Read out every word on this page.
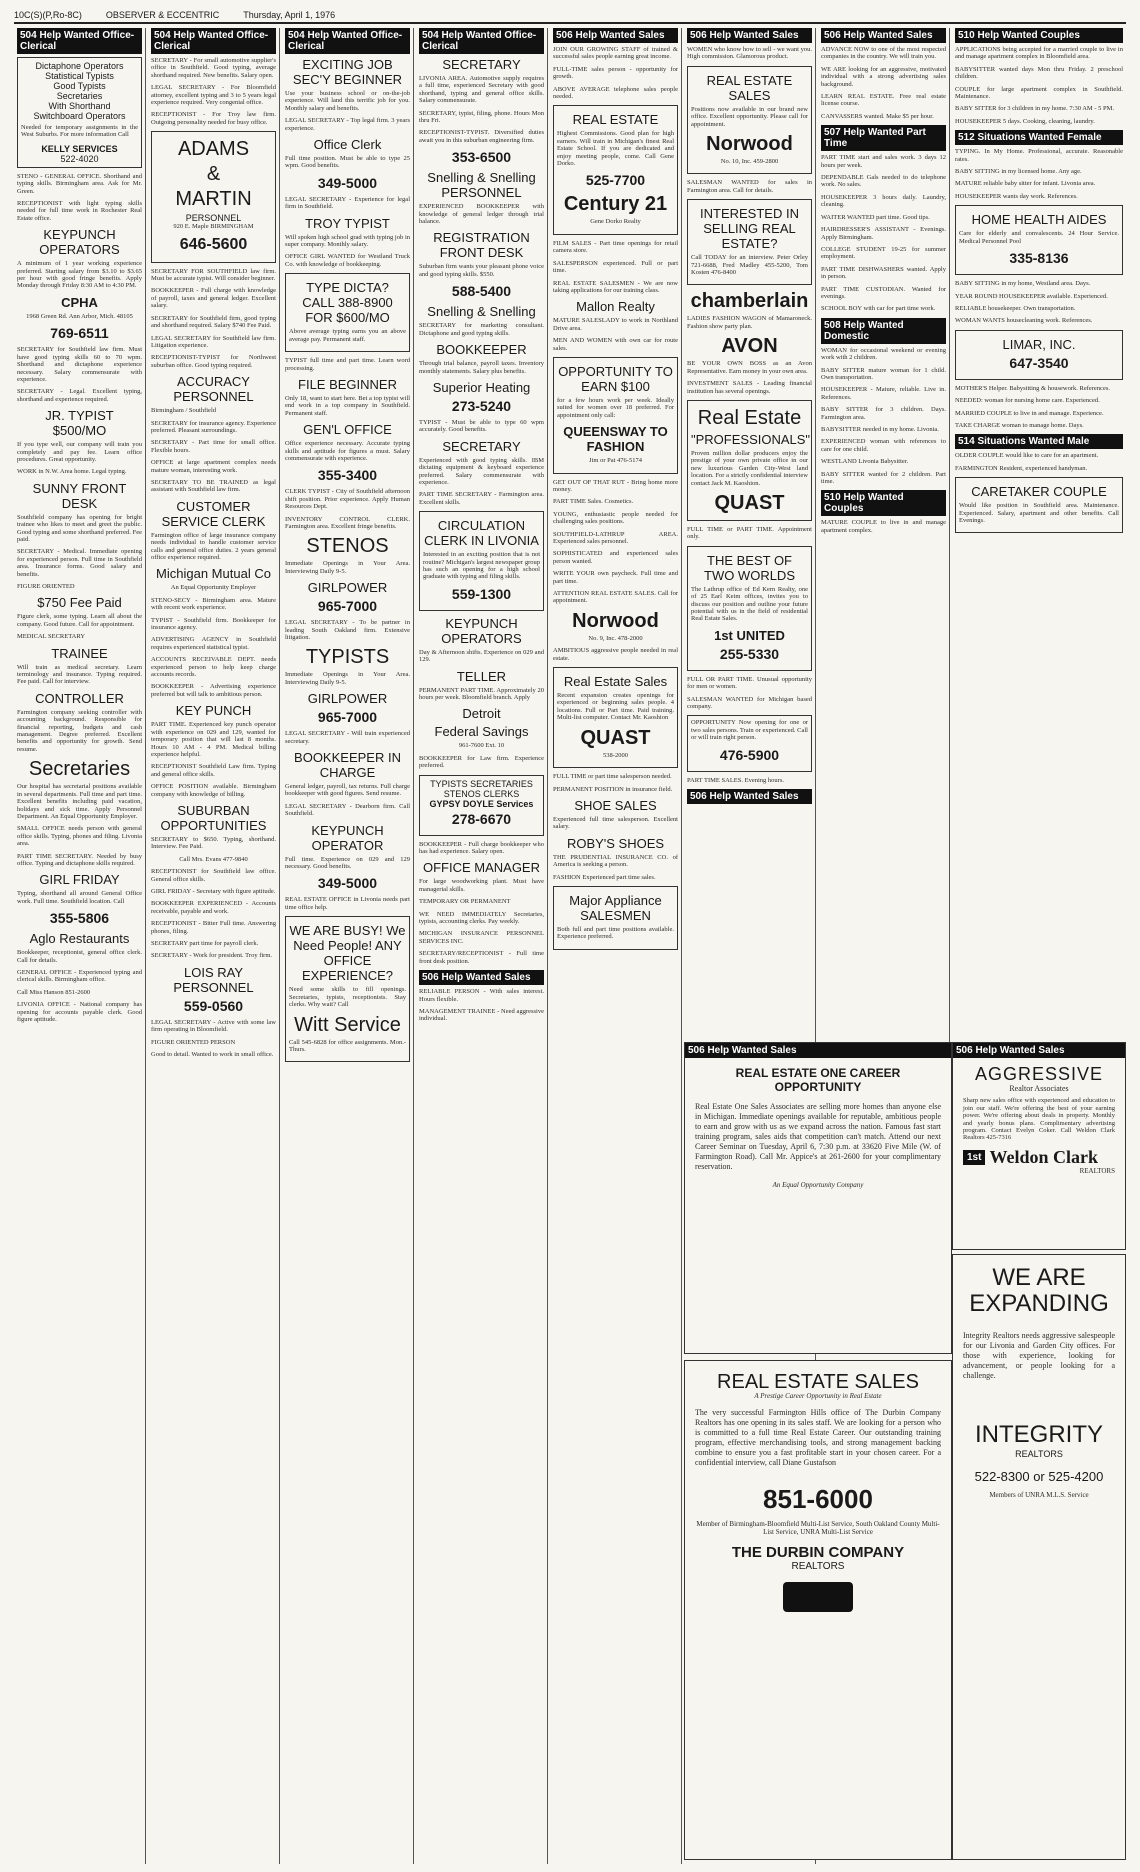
10C(S)(P,Ro-8C)	OBSERVER & ECCENTRIC	Thursday, April 1, 1976
504 Help Wanted Office-Clerical
Dictaphone Operators
Statistical Typists
Good Typists
Secretaries
With Shorthand
Switchboard Operators
Needed for temporary assignments in the West Suburbs. For more information Call
KELLY SERVICES
522-4020
STENO - GENERAL OFFICE. Shorthand and typing skills. Birmingham area. Ask for Mr. Green.
RECEPTIONIST with light typing skills needed for full time work in Rochester Real Estate office.
KEYPUNCH OPERATORS
A minimum of 1 year working experience preferred. Starting salary from $3.10 to $3.65 per hour with good fringe benefits. Apply Monday through Friday 8:30 AM to 4:30 PM.
CPHA
1968 Green Rd. Ann Arbor, Mich. 48105
769-6511
SECRETARY for Southfield law firm. Must have good typing skills 60 to 70 wpm. Shorthand and dictaphone experience necessary. Salary commensurate with experience.
SECRETARY - Legal. Excellent typing, shorthand and experience required.
JR. TYPIST $500/MO
If you type well, our company will train you completely and pay fee. Learn office procedures. Great opportunity.
WORK in N.W. Area home. Legal typing.
SUNNY FRONT DESK
Southfield company has opening for bright trainee who likes to meet and greet the public. Good typing and some shorthand preferred. Fee paid.
SECRETARY - Medical. Immediate opening for experienced person. Full time in Southfield area. Insurance forms. Good salary and benefits.
FIGURE ORIENTED
$750 Fee Paid
Figure clerk, some typing. Learn all about the company. Good future. Call for appointment.
MEDICAL SECRETARY
TRAINEE
Will train as medical secretary. Learn terminology and insurance. Typing required. Fee paid. Call for interview.
CONTROLLER
Farmington company seeking controller with accounting background. Responsible for financial reporting, budgets and cash management. Degree preferred. Excellent benefits and opportunity for growth. Send resume.
Secretaries
Our hospital has secretarial positions available in several departments. Full time and part time. Excellent benefits including paid vacation, holidays and sick time. Apply Personnel Department. An Equal Opportunity Employer.
SMALL OFFICE needs person with general office skills. Typing, phones and filing. Livonia area.
PART TIME SECRETARY. Needed by busy office. Typing and dictaphone skills required.
GIRL FRIDAY
Typing, shorthand all around General Office work. Full time. Southfield location. Call
355-5806
Aglo Restaurants
Bookkeeper, receptionist, general office clerk. Call for details.
GENERAL OFFICE - Experienced typing and clerical skills. Birmingham office.
Call Miss Hanson 851-2600
LIVONIA OFFICE - National company has opening for accounts payable clerk. Good figure aptitude.
504 Help Wanted Office-Clerical
SECRETARY - For small automotive supplier's office in Southfield. Good typing, average shorthand required. New benefits. Salary open.
LEGAL SECRETARY - For Bloomfield attorney, excellent typing and 3 to 5 years legal experience required. Very congenial office.
RECEPTIONIST - For Troy law firm. Outgoing personality needed for busy office.
ADAMS
&
MARTIN
PERSONNEL
920 E. Maple BIRMINGHAM
646-5600
SECRETARY FOR SOUTHFIELD law firm. Must be accurate typist. Will consider beginner.
BOOKKEEPER - Full charge with knowledge of payroll, taxes and general ledger. Excellent salary.
SECRETARY for Southfield firm, good typing and shorthand required. Salary $740 Fee Paid.
LEGAL SECRETARY for Southfield law firm. Litigation experience.
RECEPTIONIST-TYPIST for Northwest suburban office. Good typing required.
ACCURACY PERSONNEL
Birmingham / Southfield
SECRETARY for insurance agency. Experience preferred. Pleasant surroundings.
SECRETARY - Part time for small office. Flexible hours.
OFFICE at large apartment complex needs mature woman, interesting work.
SECRETARY TO BE TRAINED as legal assistant with Southfield law firm.
CUSTOMER SERVICE CLERK
Farmington office of large insurance company needs individual to handle customer service calls and general office duties. 2 years general office experience required.
Michigan Mutual Co
An Equal Opportunity Employer
STENO-SECY - Birmingham area. Mature with recent work experience.
TYPIST - Southfield firm. Bookkeeper for insurance agency.
ADVERTISING AGENCY in Southfield requires experienced statistical typist.
ACCOUNTS RECEIVABLE DEPT. needs experienced person to help keep charge accounts records.
BOOKKEEPER - Advertising experience preferred but will talk to ambitious person.
KEY PUNCH
PART TIME. Experienced key punch operator with experience on 029 and 129, wanted for temporary position that will last 8 months. Hours 10 AM - 4 PM. Medical billing experience helpful.
RECEPTIONIST Southfield Law firm. Typing and general office skills.
OFFICE POSITION available. Birmingham company with knowledge of billing.
SUBURBAN OPPORTUNITIES
SECRETARY to $650. Typing, shorthand. Interview. Fee Paid.
Call Mrs. Evans 477-9840
RECEPTIONIST for Southfield law office. General office skills.
GIRL FRIDAY - Secretary with figure aptitude.
BOOKKEEPER EXPERIENCED - Accounts receivable, payable and work.
RECEPTIONIST - Bitter Full time. Answering phones, filing.
SECRETARY part time for payroll clerk.
SECRETARY - Work for president. Troy firm.
LOIS RAY PERSONNEL
559-0560
LEGAL SECRETARY - Active with some law firm operating in Bloomfield.
FIGURE ORIENTED PERSON
Good to detail. Wanted to work in small office.
504 Help Wanted Office-Clerical
EXCITING JOB SEC'Y BEGINNER
Use your business school or on-the-job experience. Will land this terrific job for you. Monthly salary and benefits.
LEGAL SECRETARY - Top legal firm. 3 years experience.
Office Clerk
Full time position. Must be able to type 25 wpm. Good benefits.
349-5000
LEGAL SECRETARY - Experience for legal firm in Southfield.
TROY TYPIST
Will spoken high school grad with typing job in super company. Monthly salary.
OFFICE GIRL WANTED for Westland Truck Co. with knowledge of bookkeeping.
TYPE DICTA? CALL 388-8900 FOR $600/MO
Above average typing earns you an above average pay. Permanent staff.
TYPIST full time and part time. Learn word processing.
FILE BEGINNER
Only 18, want to start here. Bet a top typist will end work in a top company in Southfield. Permanent staff.
GEN'L OFFICE
Office experience necessary. Accurate typing skills and aptitude for figures a must. Salary commensurate with experience.
355-3400
CLERK TYPIST - City of Southfield afternoon shift position. Prior experience. Apply Human Resources Dept.
INVENTORY CONTROL CLERK. Farmington area. Excellent fringe benefits.
STENOS
Immediate Openings in Your Area. Interviewing Daily 9-5.
GIRLPOWER
965-7000
LEGAL SECRETARY - To be partner in leading South Oakland firm. Extensive litigation.
TYPISTS
Immediate Openings in Your Area. Interviewing Daily 9-5.
GIRLPOWER
965-7000
LEGAL SECRETARY - Will train experienced secretary.
BOOKKEEPER IN CHARGE
General ledger, payroll, tax returns. Full charge bookkeeper with good figures. Send resume.
LEGAL SECRETARY - Dearborn firm. Call Southfield.
KEYPUNCH OPERATOR
Full time. Experience on 029 and 129 necessary. Good benefits.
349-5000
REAL ESTATE OFFICE in Livonia needs part time office help.
WE ARE BUSY! We Need People! ANY OFFICE EXPERIENCE?
Need some skills to fill openings. Secretaries, typists, receptionists. Stay clerks. Why wait? Call
Witt Service
Call 545-6828 for office assignments. Mon.-Thurs.
504 Help Wanted Office-Clerical
SECRETARY
LIVONIA AREA. Automotive supply requires a full time, experienced Secretary with good shorthand, typing and general office skills. Salary commensurate.
SECRETARY, typist, filing, phone. Hours Mon thru Fri.
RECEPTIONIST-TYPIST. Diversified duties await you in this suburban engineering firm.
353-6500
Snelling & Snelling PERSONNEL
EXPERIENCED BOOKKEEPER with knowledge of general ledger through trial balance.
REGISTRATION FRONT DESK
Suburban firm wants your pleasant phone voice and good typing skills. $550.
588-5400
Snelling & Snelling
SECRETARY for marketing consultant. Dictaphone and good typing skills.
BOOKKEEPER
Through trial balance, payroll taxes. Inventory monthly statements. Salary plus benefits.
Superior Heating
273-5240
TYPIST - Must be able to type 60 wpm accurately. Good benefits.
SECRETARY
Experienced with good typing skills. IBM dictating equipment & keyboard experience preferred. Salary commensurate with experience.
PART TIME SECRETARY - Farmington area. Excellent skills.
CIRCULATION CLERK IN LIVONIA
Interested in an exciting position that is not routine? Michigan's largest newspaper group has such an opening for a high school graduate with typing and filing skills.
559-1300
KEYPUNCH OPERATORS
Day & Afternoon shifts. Experience on 029 and 129.
TELLER
PERMANENT PART TIME. Approximately 20 hours per week. Bloomfield branch. Apply
Detroit
Federal Savings
961-7600 Ext. 10
BOOKKEEPER for Law firm. Experience preferred.
TYPISTS SECRETARIES STENOS CLERKS
GYPSY DOYLE Services
278-6670
BOOKKEEPER - Full charge bookkeeper who has had experience. Salary open.
OFFICE MANAGER
For large woodworking plant. Must have managerial skills.
TEMPORARY OR PERMANENT
WE NEED IMMEDIATELY Secretaries, typists, accounting clerks. Pay weekly.
MICHIGAN INSURANCE PERSONNEL SERVICES INC.
SECRETARY/RECEPTIONIST - Full time front desk position.
506 Help Wanted Sales
RELIABLE PERSON - With sales interest. Hours flexible.
MANAGEMENT TRAINEE - Need aggressive individual.
506 Help Wanted Sales
JOIN OUR GROWING STAFF of trained & successful sales people earning great income.
FULL-TIME sales person - opportunity for growth.
ABOVE AVERAGE telephone sales people needed.
REAL ESTATE
Highest Commissions. Good plan for high earners. Will train in Michigan's finest Real Estate School. If you are dedicated and enjoy meeting people, come. Call Gene Dorko.
525-7700
Century 21
Gene Dorko Realty
FILM SALES - Part time openings for retail camera store.
SALESPERSON experienced. Full or part time.
REAL ESTATE SALESMEN - We are now taking applications for our training class.
Mallon Realty
MATURE SALESLADY to work in Northland Drive area.
MEN AND WOMEN with own car for route sales.
OPPORTUNITY TO EARN $100
for a few hours work per week. Ideally suited for women over 18 preferred. For appointment only call:
QUEENSWAY TO FASHION
Jim or Pat 476-5174
GET OUT OF THAT RUT - Bring home more money.
PART TIME Sales. Cosmetics.
YOUNG, enthusiastic people needed for challenging sales positions.
SOUTHFIELD-LATHRUP AREA. Experienced sales personnel.
SOPHISTICATED and experienced sales person wanted.
WRITE YOUR own paycheck. Full time and part time.
ATTENTION REAL ESTATE SALES. Call for appointment.
Norwood
No. 9, Inc. 478-2000
AMBITIOUS aggressive people needed in real estate.
Real Estate Sales
Recent expansion creates openings for experienced or beginning sales people. 4 locations. Full or Part time. Paid training. Multi-list computer. Contact Mr. Kaoshion
QUAST
538-2000
FULL TIME or part time salesperson needed.
PERMANENT POSITION in insurance field.
SHOE SALES
Experienced full time salesperson. Excellent salary.
ROBY'S SHOES
THE PRUDENTIAL INSURANCE CO. of America is seeking a person.
FASHION Experienced part time sales.
Major Appliance SALESMEN
Both full and part time positions available. Experience preferred.
506 Help Wanted Sales
WOMEN who know how to sell - we want you. High commission. Glamorous product.
REAL ESTATE SALES
Positions now available in our brand new office. Excellent opportunity. Please call for appointment.
Norwood
No. 10, Inc. 459-2800
SALESMAN WANTED for sales in Farmington area. Call for details.
INTERESTED IN SELLING REAL ESTATE?
Call TODAY for an interview. Peter Orley 721-6688, Fred Madley 455-5200, Tom Kosten 476-8400
chamberlain
LADIES FASHION WAGON of Mamaroneck. Fashion show party plan.
AVON
BE YOUR OWN BOSS as an Avon Representative. Earn money in your own area.
INVESTMENT SALES - Leading financial institution has several openings.
Real Estate
"PROFESSIONALS"
Proven million dollar producers enjoy the prestige of your own private office in our new luxurious Garden City-West land location. For a strictly confidential interview contact Jack M. Kaoshion.
QUAST
FULL TIME or PART TIME. Appointment only.
THE BEST OF TWO WORLDS
The Lathrup office of Ed Kern Realty, one of 25 Earl Keim offices, invites you to discuss our position and outline your future potential with us in the field of residential Real Estate Sales.
1st UNITED
255-5330
FULL OR PART TIME. Unusual opportunity for men or women.
SALESMAN WANTED for Michigan based company.
OPPORTUNITY Now opening for one or two sales persons. Train or experienced. Call or will train right person.
476-5900
PART TIME SALES. Evening hours.
506 Help Wanted Sales
506 Help Wanted Sales
ADVANCE NOW to one of the most respected companies in the country. We will train you.
WE ARE looking for an aggressive, motivated individual with a strong advertising sales background.
LEARN REAL ESTATE. Free real estate license course.
CANVASSERS wanted. Make $5 per hour.
507 Help Wanted Part Time
PART TIME start and sales work. 3 days 12 hours per week.
DEPENDABLE Gals needed to do telephone work. No sales.
HOUSEKEEPER 3 hours daily. Laundry, cleaning.
WAITER WANTED part time. Good tips.
HAIRDRESSER'S ASSISTANT - Evenings. Apply Birmingham.
COLLEGE STUDENT 19-25 for summer employment.
PART TIME DISHWASHERS wanted. Apply in person.
PART TIME CUSTODIAN. Wanted for evenings.
SCHOOL BOY with car for part time work.
508 Help Wanted Domestic
WOMAN for occasional weekend or evening work with 2 children.
BABY SITTER mature woman for 1 child. Own transportation.
HOUSEKEEPER - Mature, reliable. Live in. References.
BABY SITTER for 3 children. Days. Farmington area.
BABYSITTER needed in my home. Livonia.
EXPERIENCED woman with references to care for one child.
WESTLAND Livonia Babysitter.
BABY SITTER wanted for 2 children. Part time.
510 Help Wanted Couples
MATURE COUPLE to live in and manage apartment complex.
510 Help Wanted Couples
APPLICATIONS being accepted for a married couple to live in and manage apartment complex in Bloomfield area.
BABYSITTER wanted days Mon thru Friday. 2 preschool children.
COUPLE for large apartment complex in Southfield. Maintenance.
BABY SITTER for 3 children in my home. 7:30 AM - 5 PM.
HOUSEKEEPER 5 days. Cooking, cleaning, laundry.
512 Situations Wanted Female
TYPING. In My Home. Professional, accurate. Reasonable rates.
BABY SITTING in my licensed home. Any age.
MATURE reliable baby sitter for infant. Livonia area.
HOUSEKEEPER wants day work. References.
HOME HEALTH AIDES
Care for elderly and convalescents. 24 Hour Service. Medical Personnel Pool
335-8136
BABY SITTING in my home, Westland area. Days.
YEAR ROUND HOUSEKEEPER available. Experienced.
RELIABLE housekeeper. Own transportation.
WOMAN WANTS housecleaning work. References.
LIMAR, INC.
647-3540
MOTHER'S Helper. Babysitting & housework. References.
NEEDED: woman for nursing home care. Experienced.
MARRIED COUPLE to live in and manage. Experience.
TAKE CHARGE woman to manage home. Days.
514 Situations Wanted Male
OLDER COUPLE would like to care for an apartment.
FARMINGTON Resident, experienced handyman.
CARETAKER COUPLE
Would like position in Southfield area. Maintenance. Experienced. Salary, apartment and other benefits. Call Evenings.
506 Help Wanted Sales
REAL ESTATE ONE CAREER OPPORTUNITY
Real Estate One Sales Associates are selling more homes than anyone else in Michigan. Immediate openings available for reputable, ambitious people to earn and grow with us as we expand across the nation. Famous fast start training program, sales aids that competition can't match. Attend our next Career Seminar on Tuesday, April 6, 7:30 p.m. at 33620 Five Mile (W. of Farmington Road). Call Mr. Appice's at 261-2600 for your complimentary reservation.
An Equal Opportunity Company
REAL ESTATE SALES
A Prestige Career Opportunity in Real Estate
The very successful Farmington Hills office of The Durbin Company Realtors has one opening in its sales staff. We are looking for a person who is committed to a full time Real Estate Career. Our outstanding training program, effective merchandising tools, and strong management backing combine to ensure you a fast profitable start in your chosen career. For a confidential interview, call Diane Gustafson
851-6000
Member of Birmingham-Bloomfield Multi-List Service, South Oakland County Multi-List Service, UNRA Multi-List Service
THE DURBIN COMPANY
REALTORS
506 Help Wanted Sales
AGGRESSIVE
Realtor Associates
Sharp new sales office with experienced and education to join our staff. We're offering the best of your earning power. We're offering about deals in property. Monthly and yearly bonus plans. Complimentary advertising program. Contact Evelyn Coker. Call Weldon Clark Realtors 425-7316
1st Weldon Clark
REALTORS
WE ARE
EXPANDING
Integrity Realtors needs aggressive salespeople for our Livonia and Garden City offices. For those with experience, looking for advancement, or people looking for a challenge.
INTEGRITY
REALTORS
522-8300 or 525-4200
Members of UNRA M.L.S. Service
